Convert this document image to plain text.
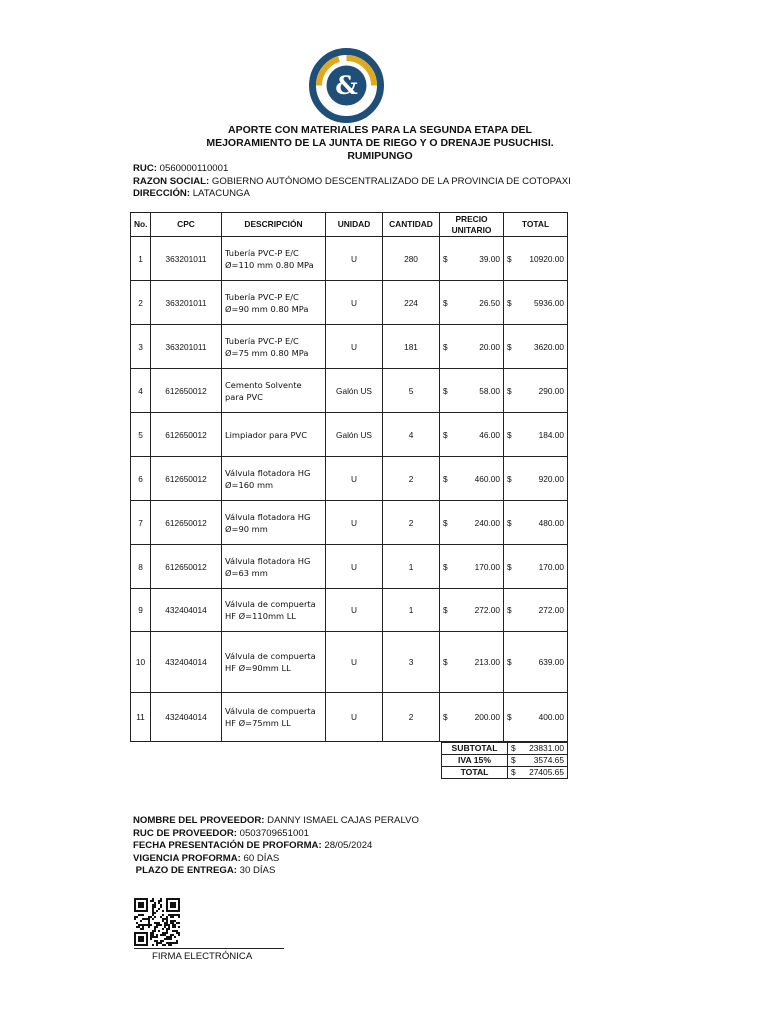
&
APORTE CON MATERIALES PARA LA SEGUNDA ETAPA DEL
MEJORAMIENTO DE LA JUNTA DE RIEGO Y O DRENAJE PUSUCHISI.
RUMIPUNGO
RUC: 0560000110001
RAZON SOCIAL: GOBIERNO AUTÓNOMO DESCENTRALIZADO DE LA PROVINCIA DE COTOPAXI
DIRECCIÓN: LATACUNGA
No.	CPC	DESCRIPCIÓN	UNIDAD	CANTIDAD	PRECIO UNITARIO	TOTAL
1	363201011	Tubería PVC-P E/C Ø=110 mm 0.80 MPa	U	280	$ 39.00	$ 10920.00

2	363201011	Tubería PVC-P E/C Ø=90 mm 0.80 MPa	U	224	$ 26.50	$ 5936.00

3	363201011	Tubería PVC-P E/C Ø=75 mm 0.80 MPa	U	181	$ 20.00	$ 3620.00

4	612650012	Cemento Solvente para PVC	Galón US	5	$ 58.00	$ 290.00

5	612650012	Limpiador para PVC	Galón US	4	$ 46.00	$ 184.00

6	612650012	Válvula flotadora HG Ø=160 mm	U	2	$ 460.00	$ 920.00

7	612650012	Válvula flotadora HG Ø=90 mm	U	2	$ 240.00	$ 480.00

8	612650012	Válvula flotadora HG Ø=63 mm	U	1	$ 170.00	$ 170.00

9	432404014	Válvula de compuerta HF Ø=110mm LL	U	1	$ 272.00	$ 272.00

10	432404014	Válvula de compuerta HF Ø=90mm LL	U	3	$ 213.00	$ 639.00

11	432404014	Válvula de compuerta HF Ø=75mm LL	U	2	$ 200.00	$ 400.00
SUBTOTAL	$ 23831.00

IVA 15%	$ 3574.65

TOTAL	$ 27405.65
NOMBRE DEL PROVEEDOR: DANNY ISMAEL CAJAS PERALVO
RUC DE PROVEEDOR: 0503709651001
FECHA PRESENTACIÓN DE PROFORMA: 28/05/2024
VIGENCIA PROFORMA: 60 DÍAS
PLAZO DE ENTREGA: 30 DÍAS
FIRMA ELECTRÓNICA
